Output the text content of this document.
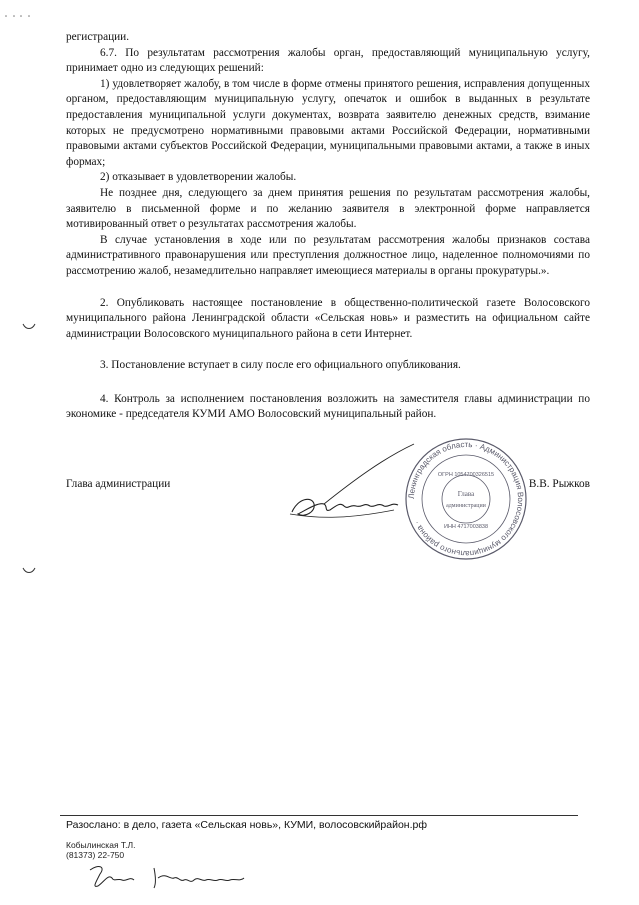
регистрации.

6.7. По результатам рассмотрения жалобы орган, предоставляющий муниципальную услугу, принимает одно из следующих решений:

1) удовлетворяет жалобу, в том числе в форме отмены принятого решения, исправления допущенных органом, предоставляющим муниципальную услугу, опечаток и ошибок в выданных в результате предоставления муниципальной услуги документах, возврата заявителю денежных средств, взимание которых не предусмотрено нормативными правовыми актами Российской Федерации, нормативными правовыми актами субъектов Российской Федерации, муниципальными правовыми актами, а также в иных формах;

2) отказывает в удовлетворении жалобы.

Не позднее дня, следующего за днем принятия решения по результатам рассмотрения жалобы, заявителю в письменной форме и по желанию заявителя в электронной форме направляется мотивированный ответ о результатах рассмотрения жалобы.

В случае установления в ходе или по результатам рассмотрения жалобы признаков состава административного правонарушения или преступления должностное лицо, наделенное полномочиями по рассмотрению жалоб, незамедлительно направляет имеющиеся материалы в органы прокуратуры.».

2. Опубликовать настоящее постановление в общественно-политической газете Волосовского муниципального района Ленинградской области «Сельская новь» и разместить на официальном сайте администрации Волосовского муниципального района в сети Интернет.

3. Постановление вступает в силу после его официального опубликования.

4. Контроль за исполнением постановления возложить на заместителя главы администрации по экономике - председателя КУМИ АМО Волосовский муниципальный район.

Глава администрации	В.В. Рыжков
Ленинградская область · Администрация Волосовского муниципального района ·
ОГРН 1054700326515
ИНН 4717003838
Глава
администрации
Разослано: в дело, газета «Сельская новь», КУМИ, волосовскийрайон.рф
Кобылинская Т.Л.
(81373) 22-750
